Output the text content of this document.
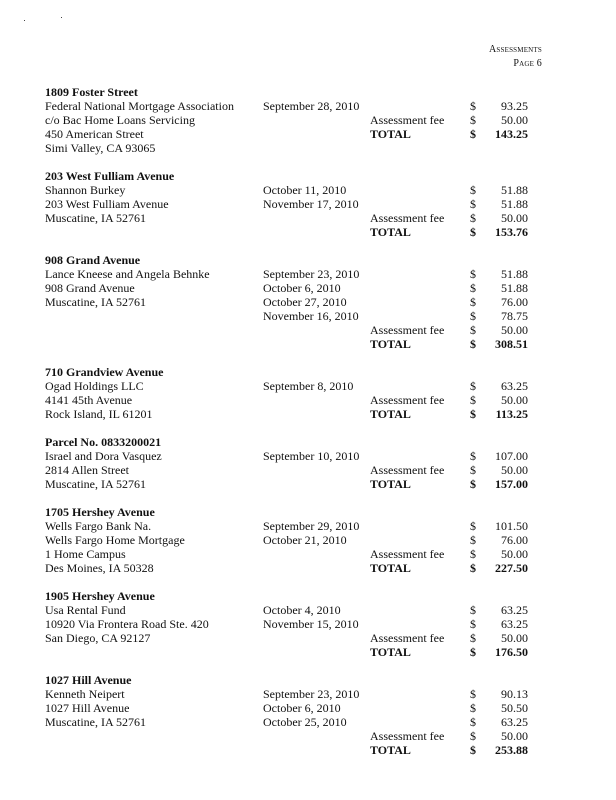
Assessments
Page 6
1809 Foster Street
Federal National Mortgage Association September 28, 2010	$ 93.25
c/o Bac Home Loans Servicing	Assessment fee $ 50.00
450 American Street	TOTAL	$ 143.25
Simi Valley, CA 93065
203 West Fulliam Avenue
Shannon Burkey	October 11, 2010	$ 51.88
203 West Fulliam Avenue	November 17, 2010	$ 51.88
Muscatine, IA 52761	Assessment fee $ 50.00
TOTAL	$ 153.76
908 Grand Avenue
Lance Kneese and Angela Behnke	September 23, 2010	$ 51.88
908 Grand Avenue	October 6, 2010	$ 51.88
Muscatine, IA 52761	October 27, 2010	$ 76.00
November 16, 2010	$ 78.75
Assessment fee $ 50.00
TOTAL	$ 308.51
710 Grandview Avenue
Ogad Holdings LLC	September 8, 2010	$ 63.25
4141 45th Avenue	Assessment fee $ 50.00
Rock Island, IL 61201	TOTAL	$ 113.25
Parcel No. 0833200021
Israel and Dora Vasquez	September 10, 2010	$ 107.00
2814 Allen Street	Assessment fee $ 50.00
Muscatine, IA 52761	TOTAL	$ 157.00
1705 Hershey Avenue
Wells Fargo Bank Na.	September 29, 2010	$ 101.50
Wells Fargo Home Mortgage	October 21, 2010	$ 76.00
1 Home Campus	Assessment fee $ 50.00
Des Moines, IA 50328	TOTAL	$ 227.50
1905 Hershey Avenue
Usa Rental Fund	October 4, 2010	$ 63.25
10920 Via Frontera Road Ste. 420	November 15, 2010	$ 63.25
San Diego, CA 92127	Assessment fee $ 50.00
TOTAL	$ 176.50
1027 Hill Avenue
Kenneth Neipert	September 23, 2010	$ 90.13
1027 Hill Avenue	October 6, 2010	$ 50.50
Muscatine, IA 52761	October 25, 2010	$ 63.25
Assessment fee $ 50.00
TOTAL	$ 253.88
